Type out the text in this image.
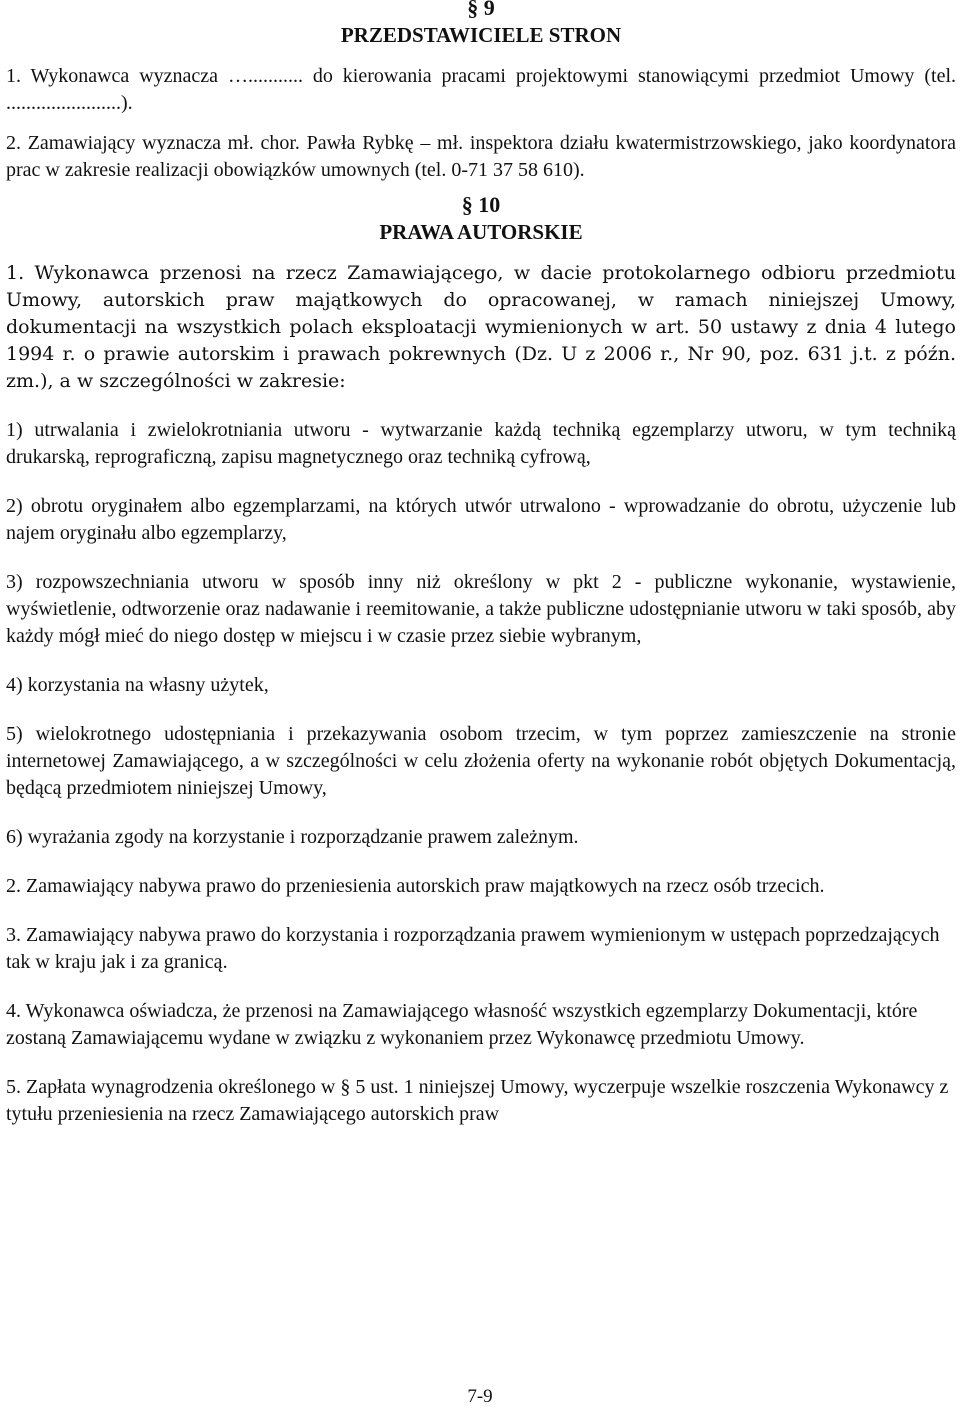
§ 9
PRZEDSTAWICIELE STRON

1. Wykonawca wyznacza …........... do kierowania pracami projektowymi stanowiącymi przedmiot Umowy (tel. .......................).

2. Zamawiający wyznacza mł. chor. Pawła Rybkę – mł. inspektora działu kwatermistrzowskiego, jako koordynatora prac w zakresie realizacji obowiązków umownych (tel. 0-71 37 58 610).

§ 10
PRAWA AUTORSKIE

1. Wykonawca przenosi na rzecz Zamawiającego, w dacie protokolarnego odbioru przedmiotu Umowy, autorskich praw majątkowych do opracowanej, w ramach niniejszej Umowy, dokumentacji na wszystkich polach eksploatacji wymienionych w art. 50 ustawy z dnia 4 lutego 1994 r. o prawie autorskim i prawach pokrewnych (Dz. U z 2006 r., Nr 90, poz. 631 j.t. z późn. zm.), a w szczególności w zakresie:

1) utrwalania i zwielokrotniania utworu - wytwarzanie każdą techniką egzemplarzy utworu, w tym techniką drukarską, reprograficzną, zapisu magnetycznego oraz techniką cyfrową,

2) obrotu oryginałem albo egzemplarzami, na których utwór utrwalono - wprowadzanie do obrotu, użyczenie lub najem oryginału albo egzemplarzy,

3) rozpowszechniania utworu w sposób inny niż określony w pkt 2 - publiczne wykonanie, wystawienie, wyświetlenie, odtworzenie oraz nadawanie i reemitowanie, a także publiczne udostępnianie utworu w taki sposób, aby każdy mógł mieć do niego dostęp w miejscu i w czasie przez siebie wybranym,

4) korzystania na własny użytek,

5) wielokrotnego udostępniania i przekazywania osobom trzecim, w tym poprzez zamieszczenie na stronie internetowej Zamawiającego, a w szczególności w celu złożenia oferty na wykonanie robót objętych Dokumentacją, będącą przedmiotem niniejszej Umowy,

6) wyrażania zgody na korzystanie i rozporządzanie prawem zależnym.

2. Zamawiający nabywa prawo do przeniesienia autorskich praw majątkowych na rzecz osób trzecich.

3. Zamawiający nabywa prawo do korzystania i rozporządzania prawem wymienionym w ustępach poprzedzających tak w kraju jak i za granicą.

4. Wykonawca oświadcza, że przenosi na Zamawiającego własność wszystkich egzemplarzy Dokumentacji, które zostaną Zamawiającemu wydane w związku z wykonaniem przez Wykonawcę przedmiotu Umowy.

5. Zapłata wynagrodzenia określonego w § 5 ust. 1 niniejszej Umowy, wyczerpuje wszelkie roszczenia Wykonawcy z tytułu przeniesienia na rzecz Zamawiającego autorskich praw

7-9
